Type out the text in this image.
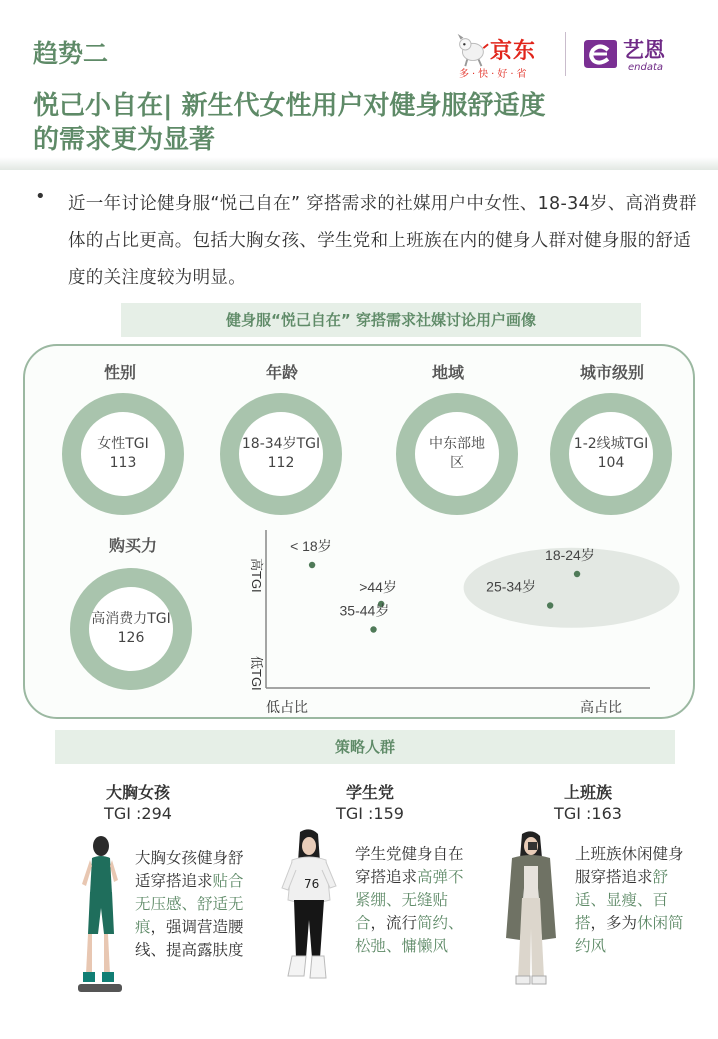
趋势二	京东
多·快·好·省
艺恩
endata
悦己小自在| 新生代女性用户对健身服舒适度
的需求更为显著
• 近一年讨论健身服“悦己自在” 穿搭需求的社媒用户中女性、18-34岁、高消费群体的占比更高。包括大胸女孩、学生党和上班族在内的健身人群对健身服的舒适度的关注度较为明显。
健身服“悦己自在” 穿搭需求社媒讨论用户画像
性别
女性TGI
113
年龄
18-34岁TGI
112
地域
中东部地
区
城市级别
1-2线城TGI
104
购买力
高消费力TGI
126
高TGI
低TGI
低占比	高占比
< 18岁
>44岁
35-44岁
18-24岁
25-34岁
策略人群
大胸女孩
TGI :294
大胸女孩健身舒适穿搭追求贴合无压感、舒适无痕，强调营造腰线、提高露肤度
学生党
TGI :159
76
学生党健身自在穿搭追求高弹不紧绷、无缝贴合，流行简约、松弛、慵懒风
上班族
TGI :163
上班族休闲健身服穿搭追求舒适、显瘦、百搭，多为休闲简约风
